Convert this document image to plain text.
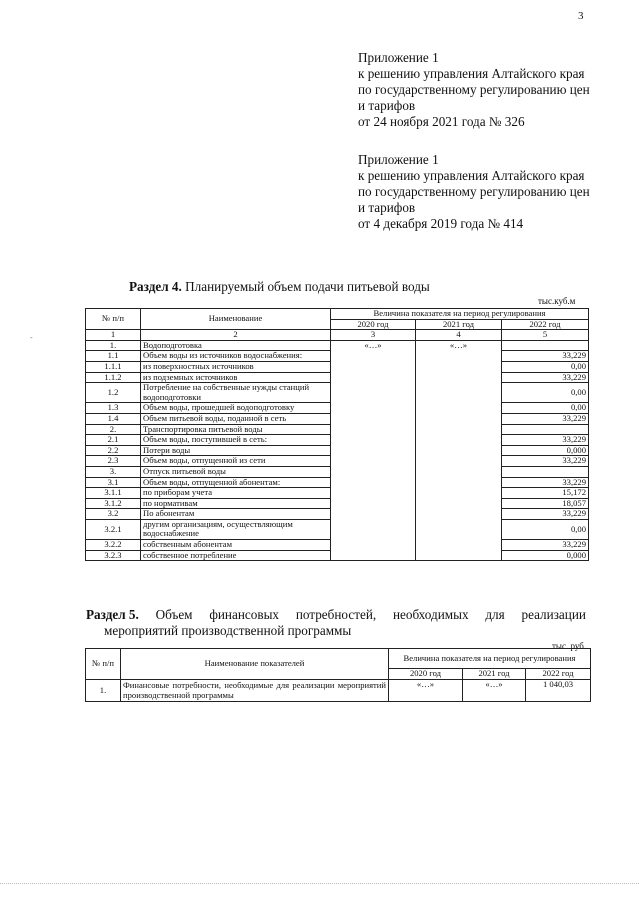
3
Приложение 1
к решению управления Алтайского края
по государственному регулированию цен
и тарифов
от 24 ноября 2021 года № 326
Приложение 1
к решению управления Алтайского края
по государственному регулированию цен
и тарифов
от 4 декабря 2019 года № 414
-
Раздел 4. Планируемый объем подачи питьевой воды
тыс.куб.м
№ п/п	Наименование	Величина показателя на период регулирования		
		2020 год	2021 год	2022 год
1	2	3	4	5
1.	Водоподготовка	«…»	«…»	
1.1	Объем воды из источников водоснабжения:			33,229
1.1.1	из поверхностных источников			0,00
1.1.2	из подземных источников			33,229
1.2	Потребление на собственные нужды станций водоподготовки			0,00
1.3	Объем воды, прошедшей водоподготовку			0,00
1.4	Объем питьевой воды, поданной в сеть			33,229
2.	Транспортировка питьевой воды			
2.1	Объем воды, поступившей в сеть:			33,229
2.2	Потери воды			0,000
2.3	Объем воды, отпущенной из сети			33,229
3.	Отпуск питьевой воды			
3.1	Объем воды, отпущенной абонентам:			33,229
3.1.1	по приборам учета			15,172
3.1.2	по нормативам			18,057
3.2	По абонентам			33,229
3.2.1	другим организациям, осуществляющим водоснабжение			0,00
3.2.2	собственным абонентам			33,229
3.2.3	собственное потребление			0,000
Раздел 5. Объем финансовых потребностей, необходимых для реализации
мероприятий производственной программы
тыс. руб.
№ п/п	Наименование показателей	Величина показателя на период регулирования		
		2020 год	2021 год	2022 год
1.	Финансовые потребности, необходимые для реализации мероприятий производственной программы	«…»	«…»	1 040,03
